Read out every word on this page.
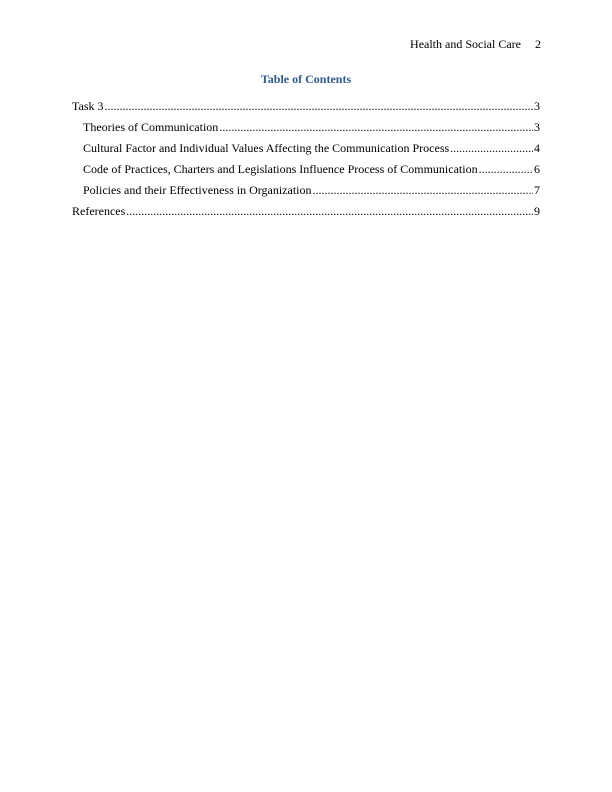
Health and Social Care 2
Table of Contents
Task 3 .....	3
Theories of Communication .....	3
Cultural Factor and Individual Values Affecting the Communication Process .....	4
Code of Practices, Charters and Legislations Influence Process of Communication .....	6
Policies and their Effectiveness in Organization .....	7
References .....	9
